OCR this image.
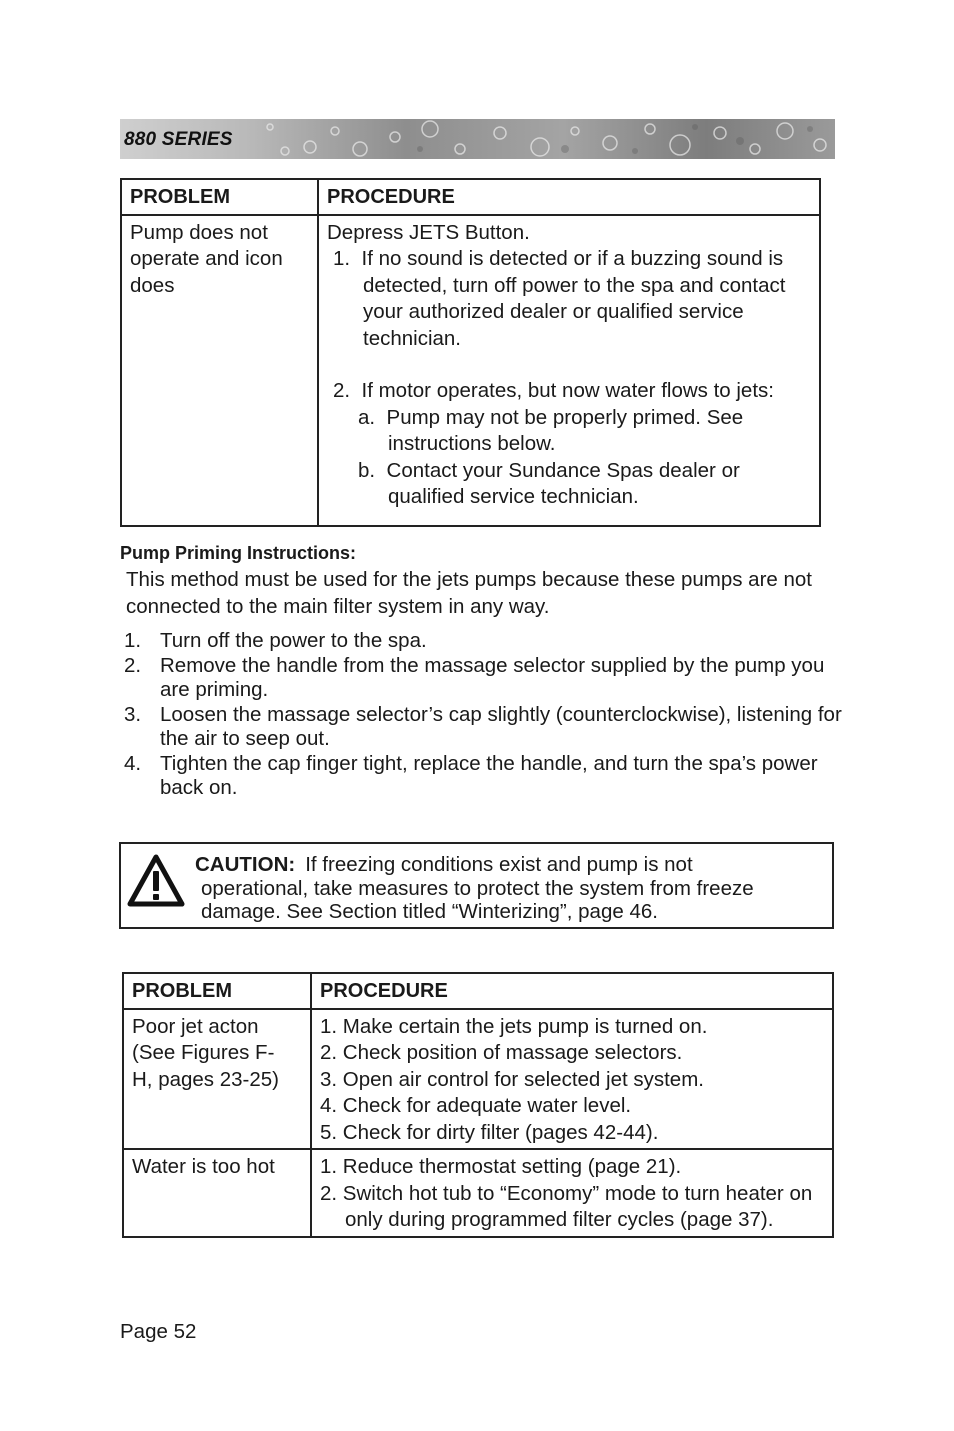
880 SERIES
PROBLEM	PROCEDURE
Pump does not operate and icon does	Depress JETS Button.
1. If no sound is detected or if a buzzing sound is detected, turn off power to the spa and contact your authorized dealer or qualified service technician.
2. If motor operates, but now water flows to jets:
a. Pump may not be properly primed. See instructions below.
b. Contact your Sundance Spas dealer or qualified service technician.
Pump Priming Instructions:
This method must be used for the jets pumps because these pumps are not connected to the main filter system in any way.
1. Turn off the power to the spa.
2. Remove the handle from the massage selector supplied by the pump you are priming.
3. Loosen the massage selector’s cap slightly (counterclockwise), listening for the air to seep out.
4. Tighten the cap finger tight, replace the handle, and turn the spa’s power back on.
CAUTION: If freezing conditions exist and pump is not
operational, take measures to protect the system from freeze damage. See Section titled “Winterizing”, page 46.
PROBLEM	PROCEDURE
Poor jet acton (See Figures F-H, pages 23-25)	1. Make certain the jets pump is turned on.
2. Check position of massage selectors.
3. Open air control for selected jet system.
4. Check for adequate water level.
5. Check for dirty filter (pages 42-44).

Water is too hot	1. Reduce thermostat setting (page 21).
2. Switch hot tub to “Economy” mode to turn heater on only during programmed filter cycles (page 37).
Page 52
